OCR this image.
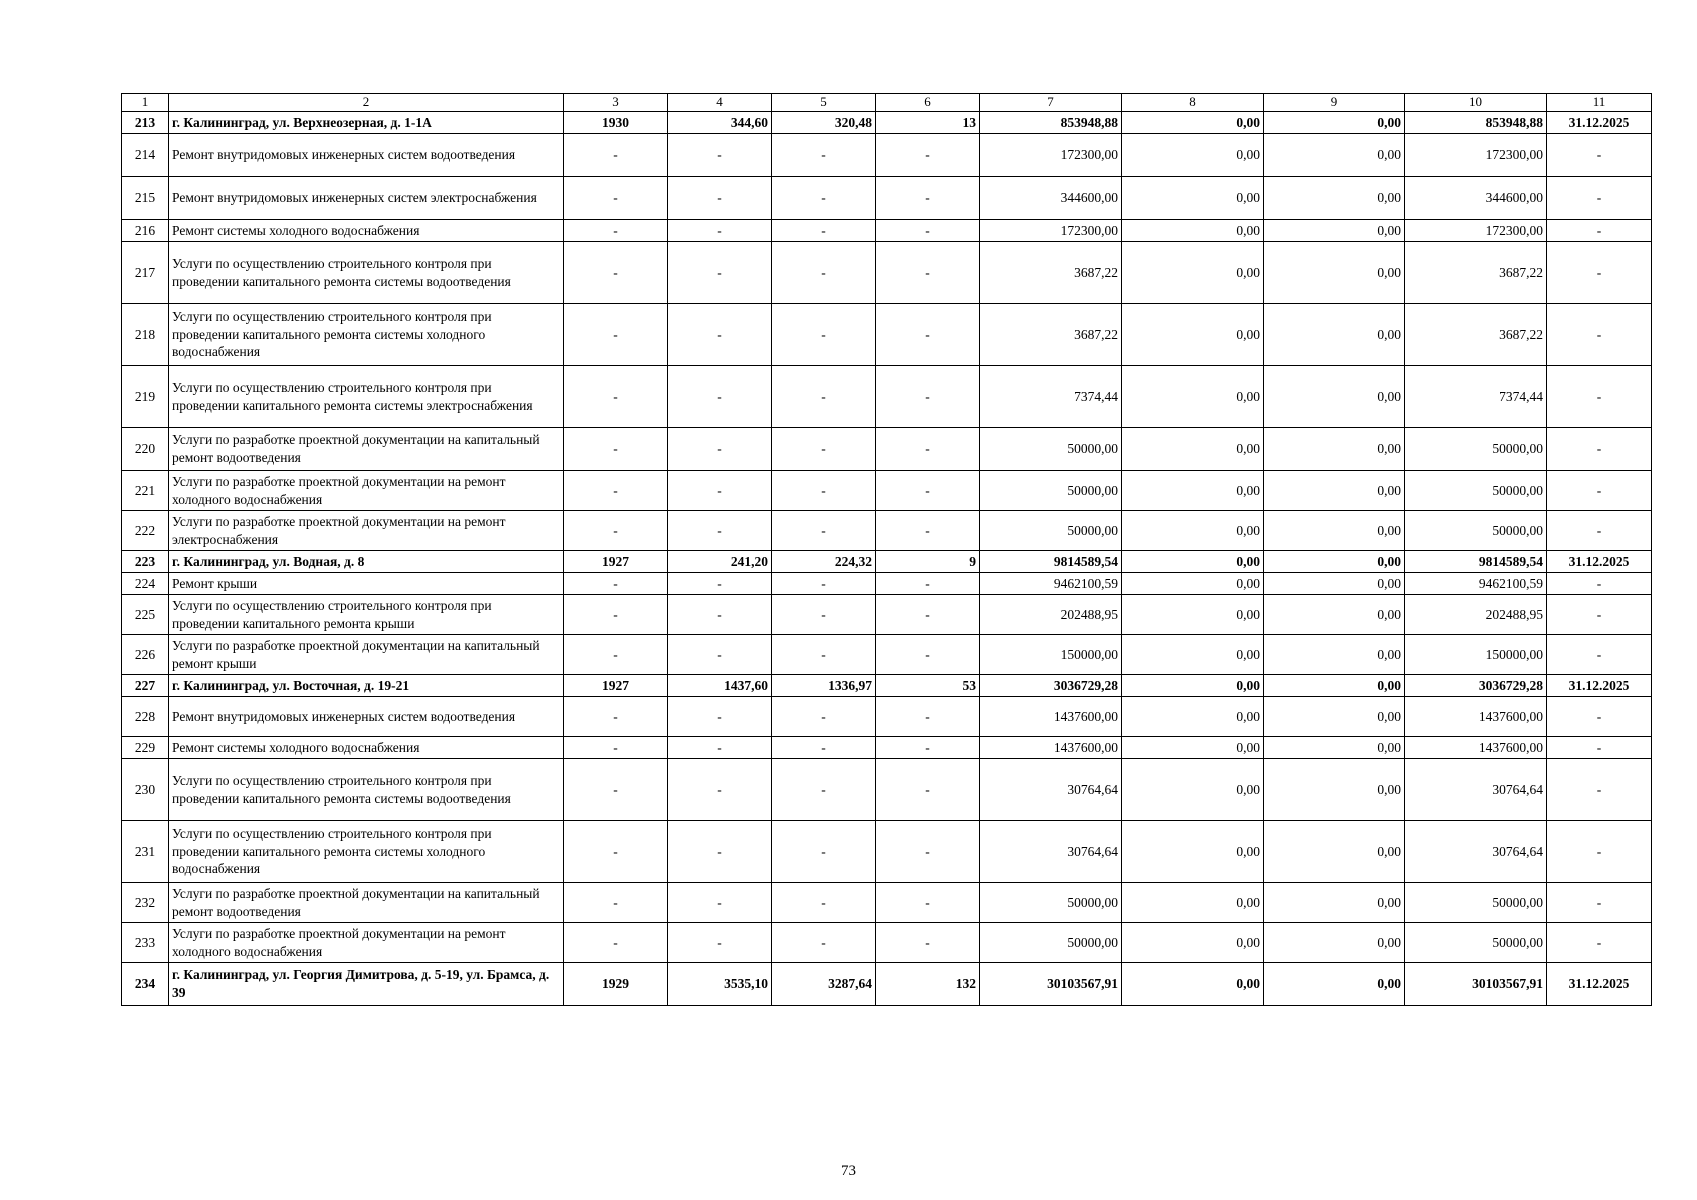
1	2	3	4	5	6	7	8	9	10	11
213	г. Калининград, ул. Верхнеозерная, д. 1-1А	1930	344,60	320,48	13	853948,88	0,00	0,00	853948,88	31.12.2025
214	Ремонт внутридомовых инженерных систем водоотведения	-	-	-	-	172300,00	0,00	0,00	172300,00	-
215	Ремонт внутридомовых инженерных систем электроснабжения	-	-	-	-	344600,00	0,00	0,00	344600,00	-
216	Ремонт системы холодного водоснабжения	-	-	-	-	172300,00	0,00	0,00	172300,00	-
217	Услуги по осуществлению строительного контроля при проведении капитального ремонта системы водоотведения	-	-	-	-	3687,22	0,00	0,00	3687,22	-
218	Услуги по осуществлению строительного контроля при проведении капитального ремонта системы холодного водоснабжения	-	-	-	-	3687,22	0,00	0,00	3687,22	-
219	Услуги по осуществлению строительного контроля при проведении капитального ремонта системы электроснабжения	-	-	-	-	7374,44	0,00	0,00	7374,44	-
220	Услуги по разработке проектной документации на капитальный ремонт водоотведения	-	-	-	-	50000,00	0,00	0,00	50000,00	-
221	Услуги по разработке проектной документации на ремонт холодного водоснабжения	-	-	-	-	50000,00	0,00	0,00	50000,00	-
222	Услуги по разработке проектной документации на ремонт электроснабжения	-	-	-	-	50000,00	0,00	0,00	50000,00	-
223	г. Калининград, ул. Водная, д. 8	1927	241,20	224,32	9	9814589,54	0,00	0,00	9814589,54	31.12.2025
224	Ремонт крыши	-	-	-	-	9462100,59	0,00	0,00	9462100,59	-
225	Услуги по осуществлению строительного контроля при проведении капитального ремонта крыши	-	-	-	-	202488,95	0,00	0,00	202488,95	-
226	Услуги по разработке проектной документации на капитальный ремонт крыши	-	-	-	-	150000,00	0,00	0,00	150000,00	-
227	г. Калининград, ул. Восточная, д. 19-21	1927	1437,60	1336,97	53	3036729,28	0,00	0,00	3036729,28	31.12.2025
228	Ремонт внутридомовых инженерных систем водоотведения	-	-	-	-	1437600,00	0,00	0,00	1437600,00	-
229	Ремонт системы холодного водоснабжения	-	-	-	-	1437600,00	0,00	0,00	1437600,00	-
230	Услуги по осуществлению строительного контроля при проведении капитального ремонта системы водоотведения	-	-	-	-	30764,64	0,00	0,00	30764,64	-
231	Услуги по осуществлению строительного контроля при проведении капитального ремонта системы холодного водоснабжения	-	-	-	-	30764,64	0,00	0,00	30764,64	-
232	Услуги по разработке проектной документации на капитальный ремонт водоотведения	-	-	-	-	50000,00	0,00	0,00	50000,00	-
233	Услуги по разработке проектной документации на ремонт холодного водоснабжения	-	-	-	-	50000,00	0,00	0,00	50000,00	-
234	г. Калининград, ул. Георгия Димитрова, д. 5-19, ул. Брамса, д. 39	1929	3535,10	3287,64	132	30103567,91	0,00	0,00	30103567,91	31.12.2025
73
